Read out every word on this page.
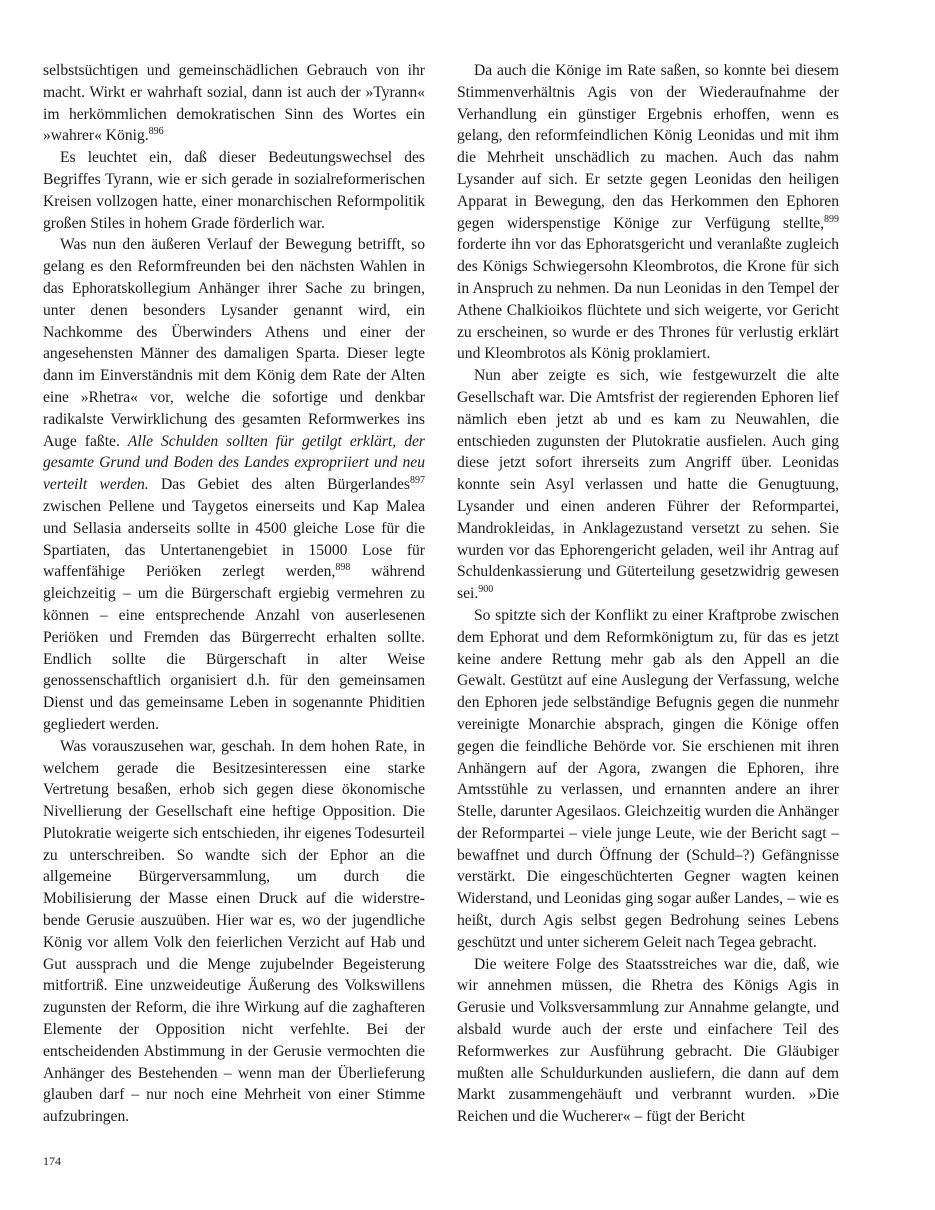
selbstsüchtigen und gemeinschädlichen Gebrauch von ihr macht. Wirkt er wahrhaft sozial, dann ist auch der »Tyrann« im herkömmlichen demokratischen Sinn des Wortes ein »wahrer« König.$^{896}$

Es leuchtet ein, daß dieser Bedeutungswechsel des Begriffes Tyrann, wie er sich gerade in sozialreformerischen Kreisen vollzogen hatte, einer monarchischen Reformpolitik großen Stiles in hohem Grade förderlich war.

Was nun den äußeren Verlauf der Bewegung betrifft, so gelang es den Reformfreunden bei den nächsten Wahlen in das Ephoratskollegium Anhänger ihrer Sache zu bringen, unter denen besonders Lysander genannt wird, ein Nachkomme des Überwinders Athens und einer der angesehensten Männer des damaligen Sparta. Dieser legte dann im Einverständnis mit dem König dem Rate der Alten eine »Rhetra« vor, welche die sofortige und denkbar radikalste Verwirklichung des gesamten Reformwerkes ins Auge faßte. Alle Schulden sollten für getilgt erklärt, der gesamte Grund und Boden des Landes expropriiert und neu verteilt werden. Das Gebiet des alten Bürgerlandes$^{897}$ zwischen Pellene und Taygetos einerseits und Kap Malea und Sellasia anderseits sollte in 4500 gleiche Lose für die Spartiaten, das Untertanengebiet in 15000 Lose für waffenfähige Periöken zerlegt werden,$^{898}$ während gleichzeitig – um die Bürgerschaft ergiebig vermehren zu können – eine entsprechende Anzahl von auserlesenen Periöken und Fremden das Bürgerrecht erhalten sollte. Endlich sollte die Bürgerschaft in alter Weise genossenschaftlich organisiert d.h. für den gemeinsamen Dienst und das gemeinsame Leben in sogenannte Phiditien gegliedert werden.

Was vorauszusehen war, geschah. In dem hohen Rate, in welchem gerade die Besitzesinteressen eine starke Vertretung besaßen, erhob sich gegen diese ökonomische Nivellierung der Gesellschaft eine heftige Opposition. Die Plutokratie weigerte sich entschieden, ihr eigenes Todesurteil zu unterschreiben. So wandte sich der Ephor an die allgemeine Bürgerversammlung, um durch die Mobilisierung der Masse einen Druck auf die widerstrebende Gerusie auszuüben. Hier war es, wo der jugendliche König vor allem Volk den feierlichen Verzicht auf Hab und Gut aussprach und die Menge zujubelnder Begeisterung mitfortriß. Eine unzweideutige Äußerung des Volkswillens zugunsten der Reform, die ihre Wirkung auf die zaghafteren Elemente der Opposition nicht verfehlte. Bei der entscheidenden Abstimmung in der Gerusie vermochten die Anhänger des Bestehenden – wenn man der Überlieferung glauben darf – nur noch eine Mehrheit von einer Stimme aufzubringen.

Da auch die Könige im Rate saßen, so konnte bei diesem Stimmenverhältnis Agis von der Wiederaufnahme der Verhandlung ein günstiger Ergebnis erhoffen, wenn es gelang, den reformfeindlichen König Leonidas und mit ihm die Mehrheit unschädlich zu machen. Auch das nahm Lysander auf sich. Er setzte gegen Leonidas den heiligen Apparat in Bewegung, den das Herkommen den Ephoren gegen widerspenstige Könige zur Verfügung stellte,$^{899}$ forderte ihn vor das Ephoratsgericht und veranlaßte zugleich des Königs Schwiegersohn Kleombrotos, die Krone für sich in Anspruch zu nehmen. Da nun Leonidas in den Tempel der Athene Chalkioikos flüchtete und sich weigerte, vor Gericht zu erscheinen, so wurde er des Thrones für verlustig erklärt und Kleombrotos als König proklamiert.

Nun aber zeigte es sich, wie festgewurzelt die alte Gesellschaft war. Die Amtsfrist der regierenden Ephoren lief nämlich eben jetzt ab und es kam zu Neuwahlen, die entschieden zugunsten der Plutokratie ausfielen. Auch ging diese jetzt sofort ihrerseits zum Angriff über. Leonidas konnte sein Asyl verlassen und hatte die Genugtuung, Lysander und einen anderen Führer der Reformpartei, Mandrokleidas, in Anklagezustand versetzt zu sehen. Sie wurden vor das Ephorengericht geladen, weil ihr Antrag auf Schuldenkassierung und Güterteilung gesetzwidrig gewesen sei.$^{900}$

So spitzte sich der Konflikt zu einer Kraftprobe zwischen dem Ephorat und dem Reformkönigtum zu, für das es jetzt keine andere Rettung mehr gab als den Appell an die Gewalt. Gestützt auf eine Auslegung der Verfassung, welche den Ephoren jede selbständige Befugnis gegen die nunmehr vereinigte Monarchie absprach, gingen die Könige offen gegen die feindliche Behörde vor. Sie erschienen mit ihren Anhängern auf der Agora, zwangen die Ephoren, ihre Amtsstühle zu verlassen, und ernannten andere an ihrer Stelle, darunter Agesilaos. Gleichzeitig wurden die Anhänger der Reformpartei – viele junge Leute, wie der Bericht sagt – bewaffnet und durch Öffnung der (Schuld–?) Gefängnisse verstärkt. Die eingeschüchterten Gegner wagten keinen Widerstand, und Leonidas ging sogar außer Landes, – wie es heißt, durch Agis selbst gegen Bedrohung seines Lebens geschützt und unter sicherem Geleit nach Tegea gebracht.

Die weitere Folge des Staatsstreiches war die, daß, wie wir annehmen müssen, die Rhetra des Königs Agis in Gerusie und Volksversammlung zur Annahme gelangte, und alsbald wurde auch der erste und einfachere Teil des Reformwerkes zur Ausführung gebracht. Die Gläubiger mußten alle Schuldurkunden ausliefern, die dann auf dem Markt zusammengehäuft und verbrannt wurden. »Die Reichen und die Wucherer« – fügt der Bericht

174
